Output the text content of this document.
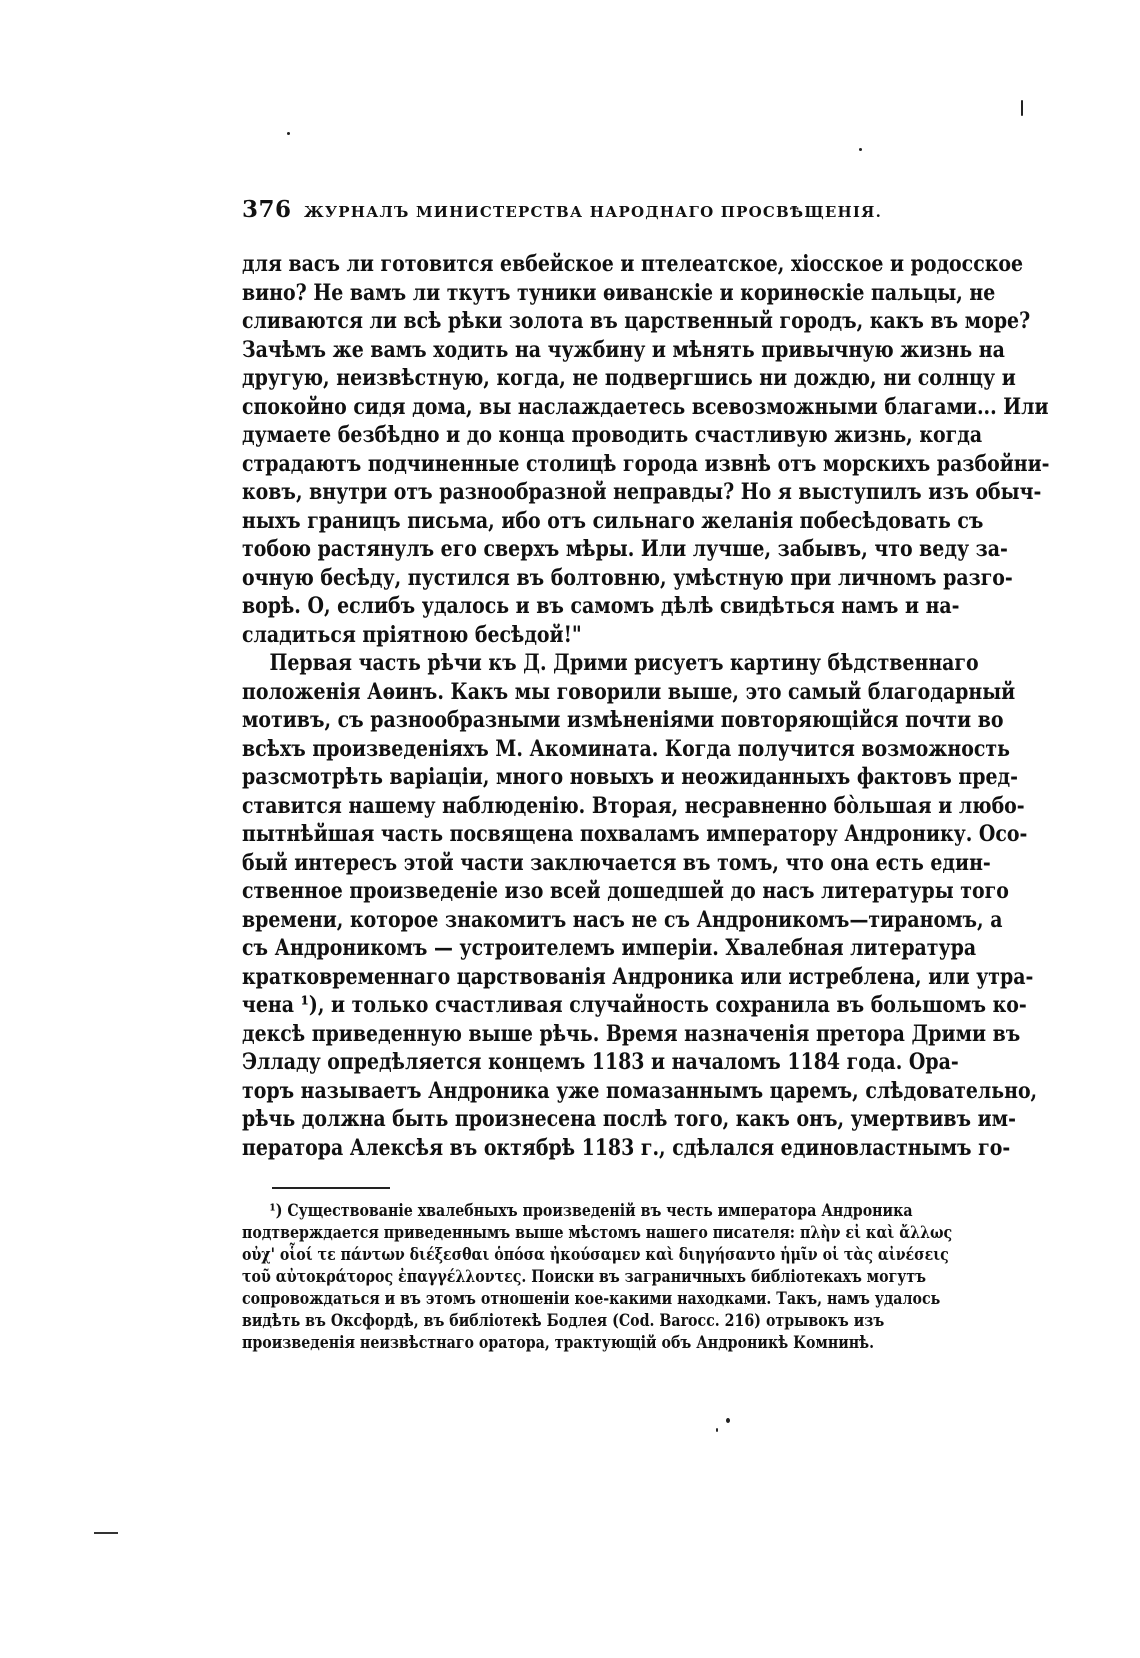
376 ЖУРНАЛЪ МИНИСТЕРСТВА НАРОДНАГО ПРОСВѢЩЕНІЯ.
для васъ ли готовится евбейское и птелеатское, хіосское и родосское
вино? Не вамъ ли ткутъ туники ѳиванскіе и коринѳскіе пальцы, не
сливаются ли всѣ рѣки золота въ царственный городъ, какъ въ море?
Зачѣмъ же вамъ ходить на чужбину и мѣнять привычную жизнь на
другую, неизвѣстную, когда, не подвергшись ни дождю, ни солнцу и
спокойно сидя дома, вы наслаждаетесь всевозможными благами... Или
думаете безбѣдно и до конца проводить счастливую жизнь, когда
страдаютъ подчиненные столицѣ города извнѣ отъ морскихъ разбойни-
ковъ, внутри отъ разнообразной неправды? Но я выступилъ изъ обыч-
ныхъ границъ письма, ибо отъ сильнаго желанія побесѣдовать съ
тобою растянулъ его сверхъ мѣры. Или лучше, забывъ, что веду за-
очную бесѣду, пустился въ болтовню, умѣстную при личномъ разго-
ворѣ. О, еслибъ удалось и въ самомъ дѣлѣ свидѣться намъ и на-
сладиться пріятною бесѣдой!"
Первая часть рѣчи къ Д. Дрими рисуетъ картину бѣдственнаго
положенія Аѳинъ. Какъ мы говорили выше, это самый благодарный
мотивъ, съ разнообразными измѣненіями повторяющійся почти во
всѣхъ произведеніяхъ М. Акомината. Когда получится возможность
разсмотрѣть варіаціи, много новыхъ и неожиданныхъ фактовъ пред-
ставится нашему наблюденію. Вторая, несравненно бо̀льшая и любо-
пытнѣйшая часть посвящена похваламъ императору Андронику. Осо-
бый интересъ этой части заключается въ томъ, что она есть един-
ственное произведеніе изо всей дошедшей до насъ литературы того
времени, которое знакомитъ насъ не съ Андроникомъ—тираномъ, а
съ Андроникомъ — устроителемъ имперіи. Хвалебная литература
кратковременнаго царствованія Андроника или истреблена, или утра-
чена ¹), и только счастливая случайность сохранила въ большомъ ко-
дексѣ приведенную выше рѣчь. Время назначенія претора Дрими въ
Элладу опредѣляется концемъ 1183 и началомъ 1184 года. Ора-
торъ называетъ Андроника уже помазаннымъ царемъ, слѣдовательно,
рѣчь должна быть произнесена послѣ того, какъ онъ, умертвивъ им-
ператора Алексѣя въ октябрѣ 1183 г., сдѣлался единовластнымъ го-
¹) Существованіе хвалебныхъ произведеній въ честь императора Андроника
подтверждается приведеннымъ выше мѣстомъ нашего писателя: πλὴν εἰ καὶ ἄλλως
οὐχ' οἷοί τε πάντων διέξεσθαι ὁπόσα ἠκούσαμεν καὶ διηγήσαντο ἡμῖν οἱ τὰς αἰνέσεις
τοῦ αὐτοκράτορος ἐπαγγέλλοντες. Поиски въ заграничныхъ библіотекахъ могутъ
сопровождаться и въ этомъ отношеніи кое-какими находками. Такъ, намъ удалось
видѣть въ Оксфордѣ, въ библіотекѣ Бодлея (Cod. Barocc. 216) отрывокъ изъ
произведенія неизвѣстнаго оратора, трактующій объ Андроникѣ Комнинѣ.
